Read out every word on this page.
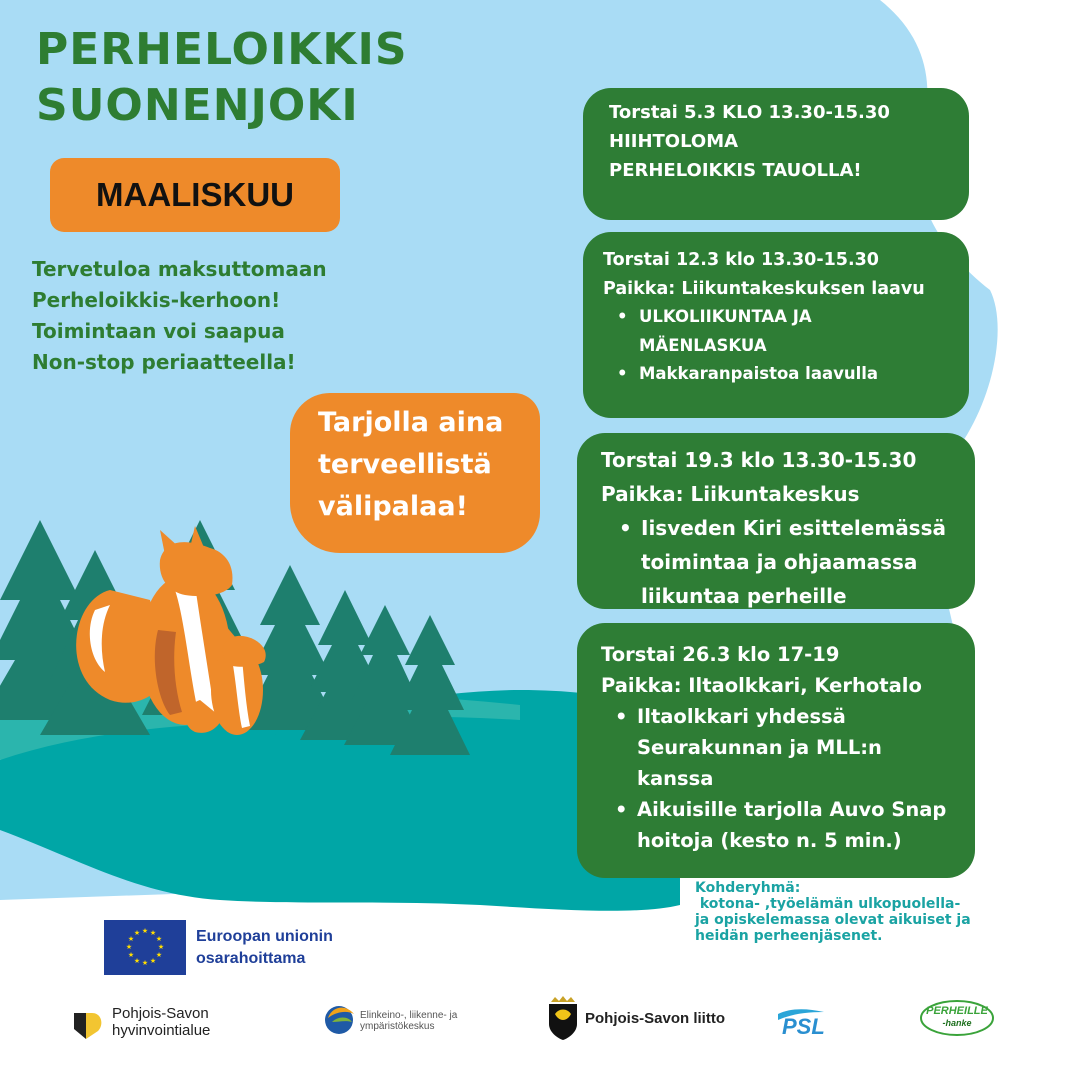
PERHELOIKKIS
SUONENJOKI
MAALISKUU
Tervetuloa maksuttomaan
Perheloikkis-kerhoon!
Toimintaan voi saapua
Non-stop periaatteella!
Tarjolla aina
terveellistä
välipalaa!

Torstai 5.3 KLO 13.30-15.30

HIIHTOLOMA

PERHELOIKKIS TAUOLLA!

Torstai 12.3 klo 13.30-15.30

Paikka: Liikuntakeskuksen laavu

• ULKOLIIKUNTAA JA MÄENLASKUA
• Makkaranpaistoa laavulla

Torstai 19.3 klo 13.30-15.30

Paikka: Liikuntakeskus

• Iisveden Kiri esittelemässä toimintaa ja ohjaamassa liikuntaa perheille

Torstai 26.3 klo 17-19

Paikka: Iltaolkkari, Kerhotalo

• Iltaolkkari yhdessä Seurakunnan ja MLL:n kanssa
• Aikuisille tarjolla Auvo Snap hoitoja (kesto n. 5 min.)
Kohderyhmä:
kotona- ,työelämän ulkopuolella-
ja opiskelemassa olevat aikuiset ja
heidän perheenjäsenet.
★ ★
★
★
★
★
★
★
★
★
★
★	Euroopan unionin
osarahoittama
Pohjois-Savon
hyvinvointialue
Elinkeino-, liikenne- ja
ympäristökeskus	Pohjois-Savon liitto	PSL
PERHEILLE
-hanke
